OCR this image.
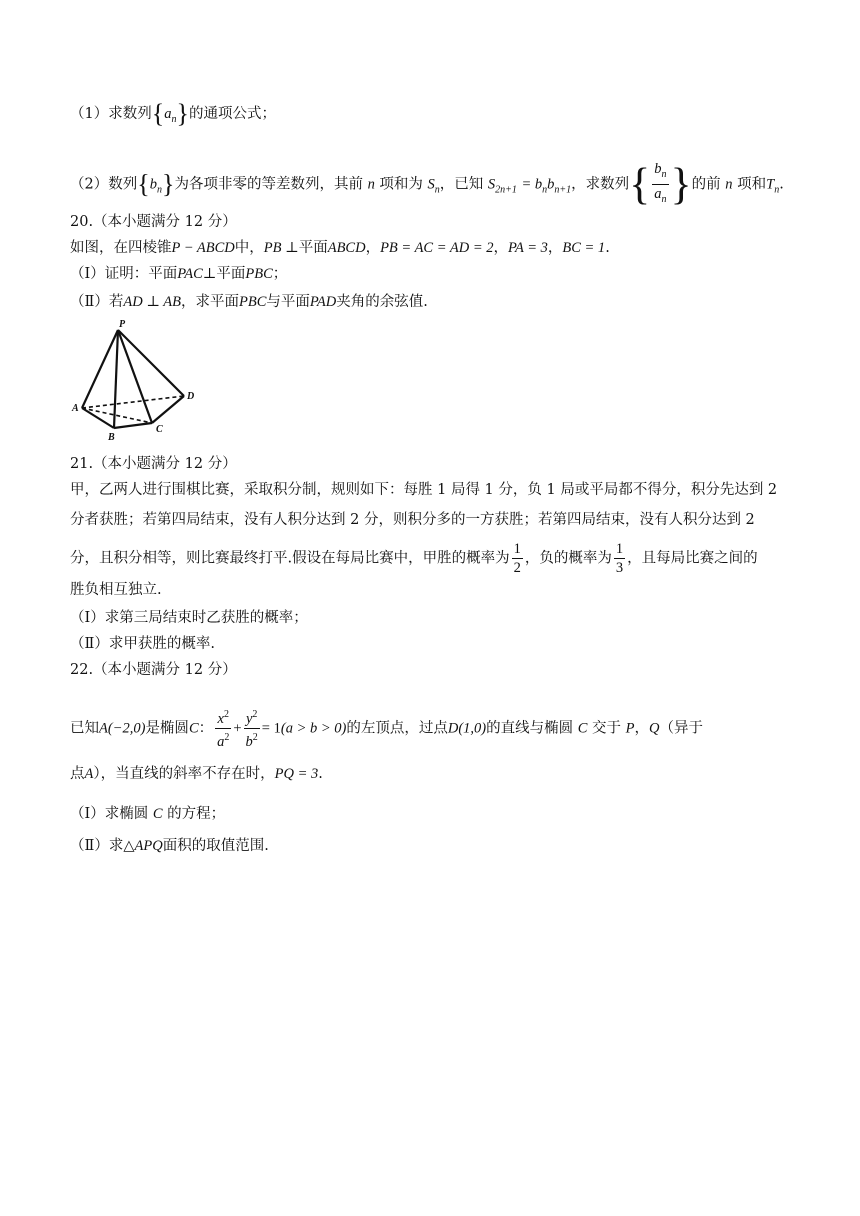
（1）求数列$\{a_n\}$的通项公式；
（2）数列$\{b_n\}$为各项非零的等差数列，其前 n 项和为 $S_n$，已知 $S_{2n+1} = b_nb_{n+1}$，求数列{ $\frac{b_n}{a_n}$ }的前 n 项和$T_n$.
20.（本小题满分 12 分）
如图，在四棱锥P − ABCD中，PB ⊥平面ABCD，PB = AC = AD = 2，PA = 3，BC = 1.
（I）证明：平面PAC⊥平面PBC；
（Ⅱ）若AD ⊥ AB，求平面PBC与平面PAD夹角的余弦值.
P
A
B
C
D
21.（本小题满分 12 分）
甲，乙两人进行围棋比赛，采取积分制，规则如下：每胜 1 局得 1 分，负 1 局或平局都不得分，积分先达到 2
分者获胜；若第四局结束，没有人积分达到 2 分，则积分多的一方获胜；若第四局结束，没有人积分达到 2
分，且积分相等，则比赛最终打平.假设在每局比赛中，甲胜的概率为 $\frac{1}{2}$ ，负的概率为 $\frac{1}{3}$ ，且每局比赛之间的
胜负相互独立.
（I）求第三局结束时乙获胜的概率；
（Ⅱ）求甲获胜的概率.
22.（本小题满分 12 分）
已知A(−2,0)是椭圆C： $\frac{x^2}{a^2} + \frac{y^2}{b^2} = 1(a > b > 0)$的左顶点，过点D(1,0)的直线与椭圆 C 交于 P，Q（异于
点A），当直线的斜率不存在时，PQ = 3.
（I）求椭圆 C 的方程；
（Ⅱ）求△APQ面积的取值范围.
